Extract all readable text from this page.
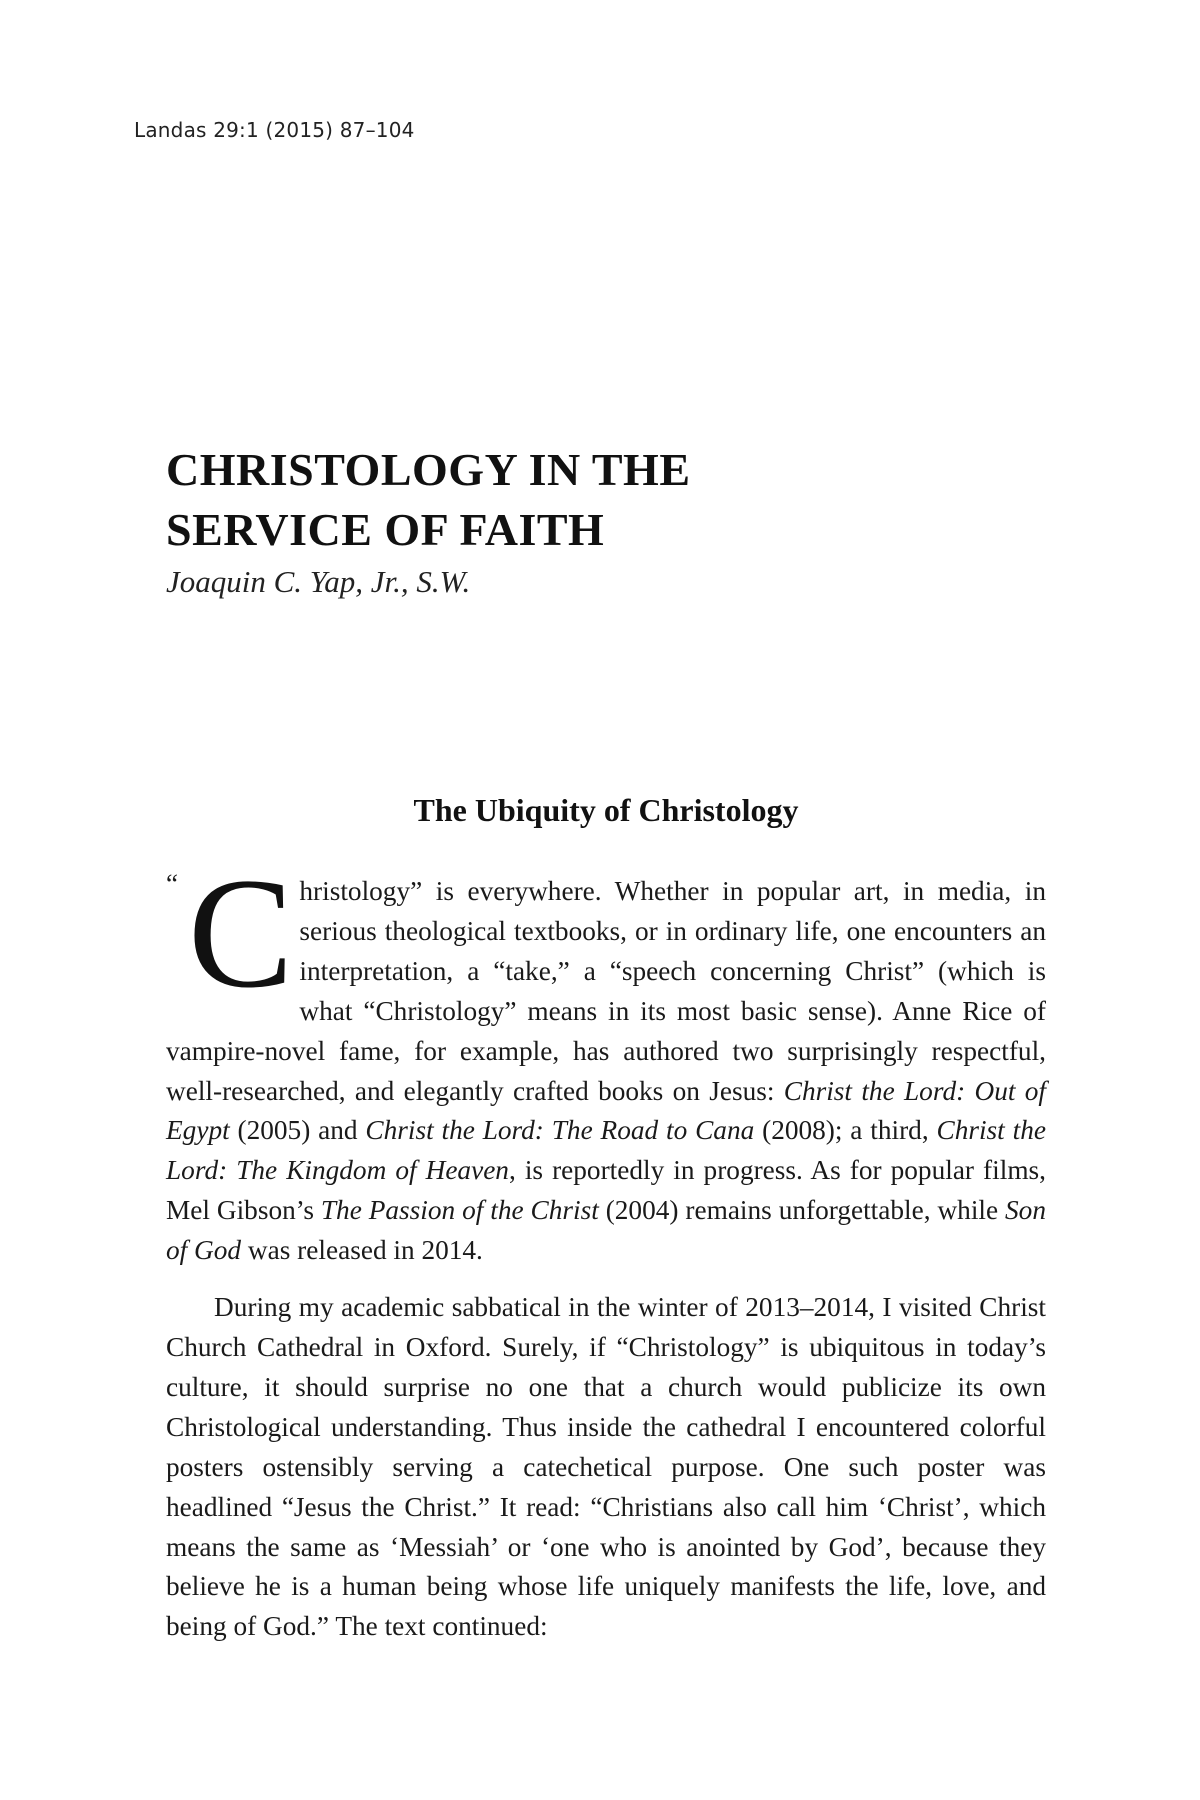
Landas 29:1 (2015) 87–104
CHRISTOLOGY IN THE
SERVICE OF FAITH
Joaquin C. Yap, Jr., S.W.
The Ubiquity of Christology

“ C hristology” is everywhere. Whether in popular art, in media, in serious theological textbooks, or in ordinary life, one encounters an interpretation, a “take,” a “speech concerning Christ” (which is what “Christology” means in its most basic sense). Anne Rice of vampire-novel fame, for example, has authored two surprisingly respectful, well-researched, and elegantly crafted books on Jesus: Christ the Lord: Out of Egypt (2005) and Christ the Lord: The Road to Cana (2008); a third, Christ the Lord: The Kingdom of Heaven, is reportedly in progress. As for popular films, Mel Gibson’s The Passion of the Christ (2004) remains unforgettable, while Son of God was released in 2014.

During my academic sabbatical in the winter of 2013–2014, I visited Christ Church Cathedral in Oxford. Surely, if “Christology” is ubiquitous in today’s culture, it should surprise no one that a church would publicize its own Christological understanding. Thus inside the cathedral I encountered colorful posters ostensibly serving a catechetical purpose. One such poster was headlined “Jesus the Christ.” It read: “Christians also call him ‘Christ’, which means the same as ‘Messiah’ or ‘one who is anointed by God’, because they believe he is a human being whose life uniquely manifests the life, love, and being of God.” The text continued:
